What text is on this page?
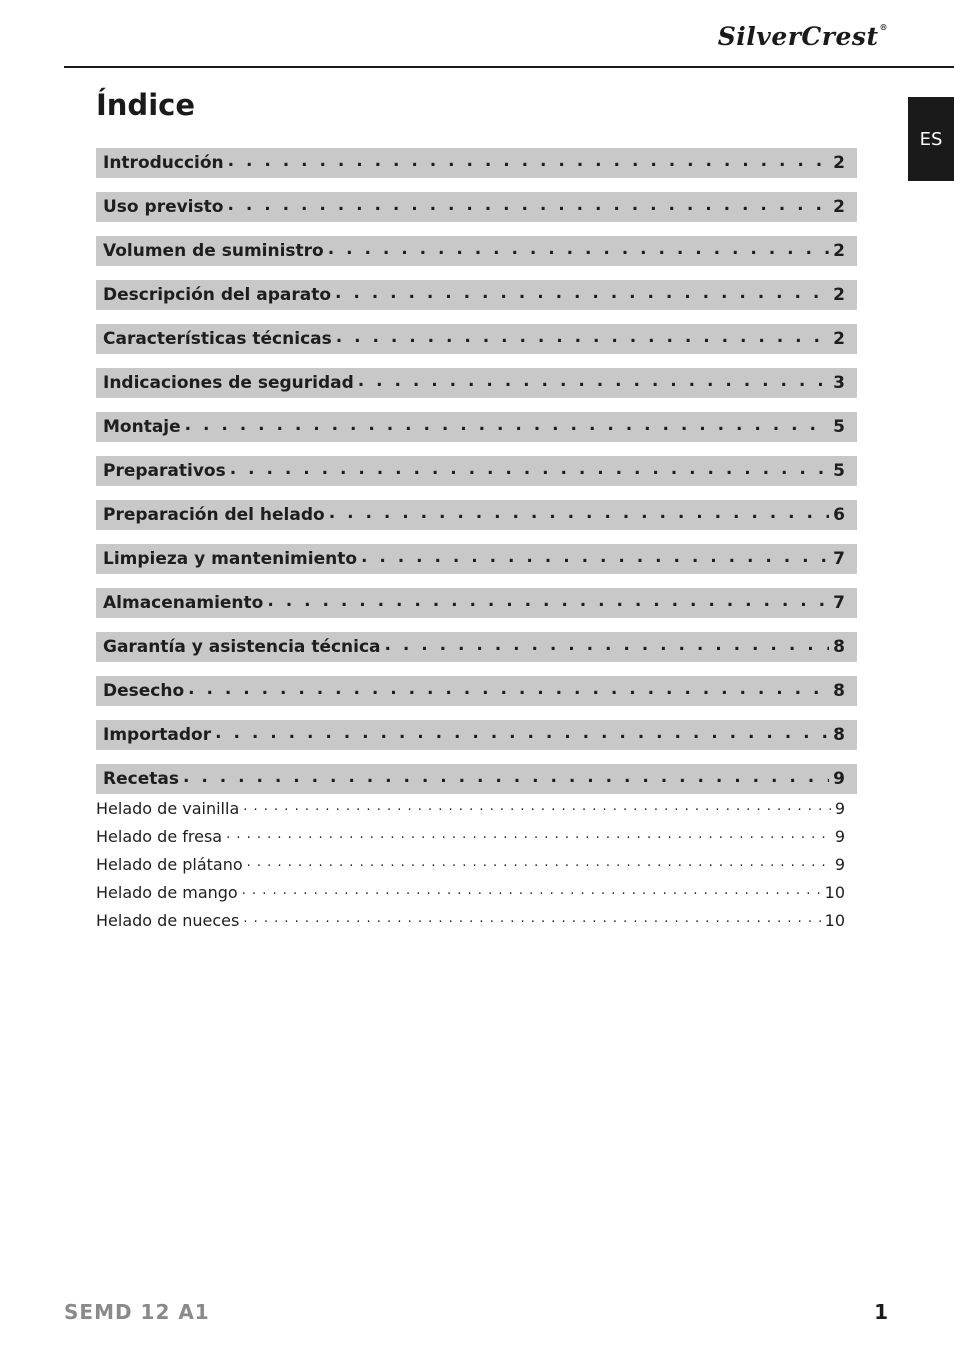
SilverCrest®
ES
Índice
Introducción . . .	2
Uso previsto . . .	2
Volumen de suministro . . .	2
Descripción del aparato . . .	2
Características técnicas . . .	2
Indicaciones de seguridad . . .	3
Montaje . . .	5
Preparativos . . .	5
Preparación del helado . . .	6
Limpieza y mantenimiento . . .	7
Almacenamiento . . .	7
Garantía y asistencia técnica . . .	8
Desecho . . .	8
Importador . . .	8
Recetas . . .	9
Helado de vainilla . . .	9
Helado de fresa . . .	9
Helado de plátano . . .	9
Helado de mango . . .	10
Helado de nueces . . .	10
SEMD 12 A1	1
